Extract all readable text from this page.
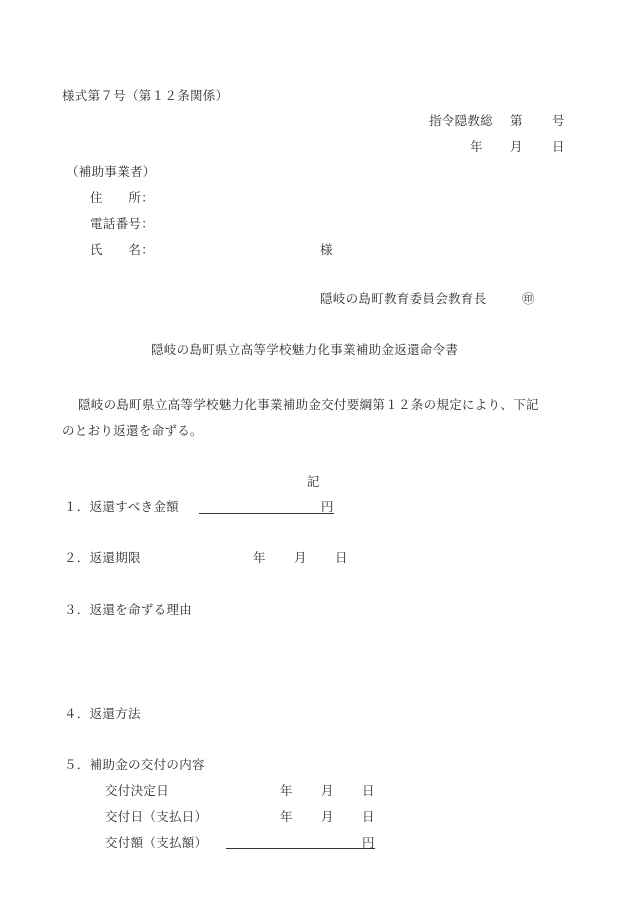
様式第７号（第１２条関係）
指令隠教総 第 号
年 月 日
（補助事業者）
住　　所：
電話番号：
氏　　名：	様
隠岐の島町教育委員会教育長	㊞
隠岐の島町県立高等学校魅力化事業補助金返還命令書
隠岐の島町県立高等学校魅力化事業補助金交付要綱第１２条の規定により、下記
のとおり返還を命ずる。
記
１．返還すべき金額	円
２．返還期限	年 月 日
３．返還を命ずる理由
４．返還方法
５．補助金の交付の内容
交付決定日	年 月 日
交付日（支払日）	年 月 日
交付額（支払額）	円
